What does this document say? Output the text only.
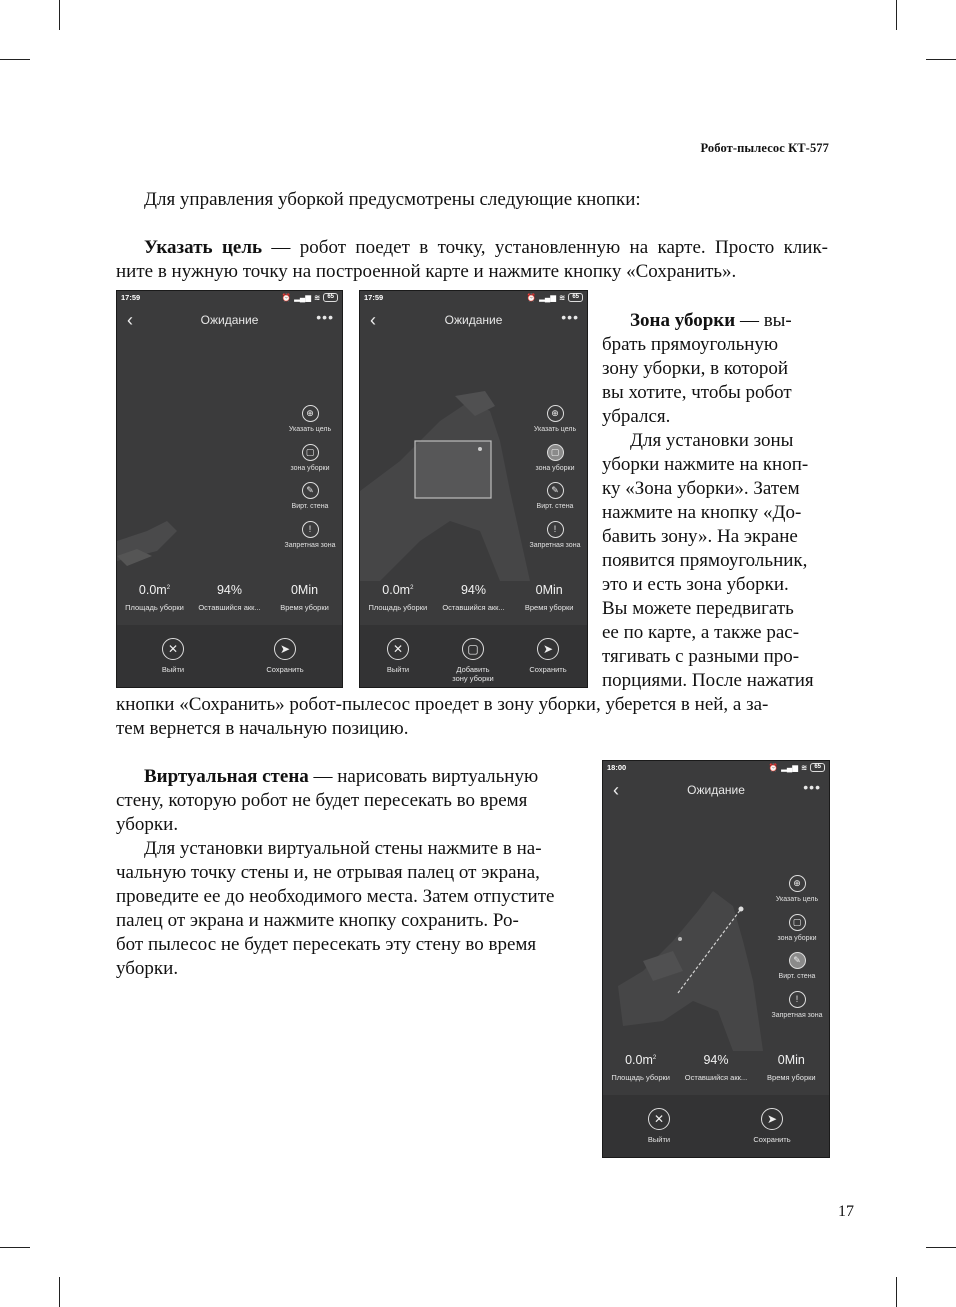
Робот-пылесос КТ-577
Для управления уборкой предусмотрены следующие кнопки:
Указать цель — робот поедет в точку, установленную на карте. Просто клик-
ните в нужную точку на построенной карте и нажмите кнопку «Сохранить».
17:59	⏰ ▂▄▆ ≋	65
‹	Ожидание	•••
⊕
Указать цель
▢
зона уборки
✎
Вирт. стена
!
Запретная зона
$0.0m^2$
Площадь уборки
94%
Оставшийся акк...
0Min
Время уборки
✕
Выйти
➤
Сохранить
17:59	⏰ ▂▄▆ ≋	65
‹	Ожидание	•••
⊕
Указать цель
▢
зона уборки
✎
Вирт. стена
!
Запретная зона
$0.0m^2$
Площадь уборки
94%
Оставшийся акк...
0Min
Время уборки
✕
Выйти
▢
Добавить
зону уборки
➤
Сохранить
Зона уборки — вы-
брать прямоугольную
зону уборки, в которой
вы хотите, чтобы робот
убрался.
Для установки зоны
уборки нажмите на кноп-
ку «Зона уборки». Затем
нажмите на кнопку «До-
бавить зону». На экране
появится прямоугольник,
это и есть зона уборки.
Вы можете передвигать
ее по карте, а также рас-
тягивать с разными про-
порциями. После нажатия
кнопки «Сохранить» робот-пылесос проедет в зону уборки, уберется в ней, а за-
тем вернется в начальную позицию.
Виртуальная стена — нарисовать виртуальную
стену, которую робот не будет пересекать во время
уборки.
Для установки виртуальной стены нажмите в на-
чальную точку стены и, не отрывая палец от экрана,
проведите ее до необходимого места. Затем отпустите
палец от экрана и нажмите кнопку сохранить. Ро-
бот пылесос не будет пересекать эту стену во время
уборки.
18:00	⏰ ▂▄▆ ≋	65
‹	Ожидание	•••
⊕
Указать цель
▢
зона уборки
✎
Вирт. стена
!
Запретная зона
$0.0m^2$
Площадь уборки
94%
Оставшийся акк...
0Min
Время уборки
✕
Выйти
➤
Сохранить
17
